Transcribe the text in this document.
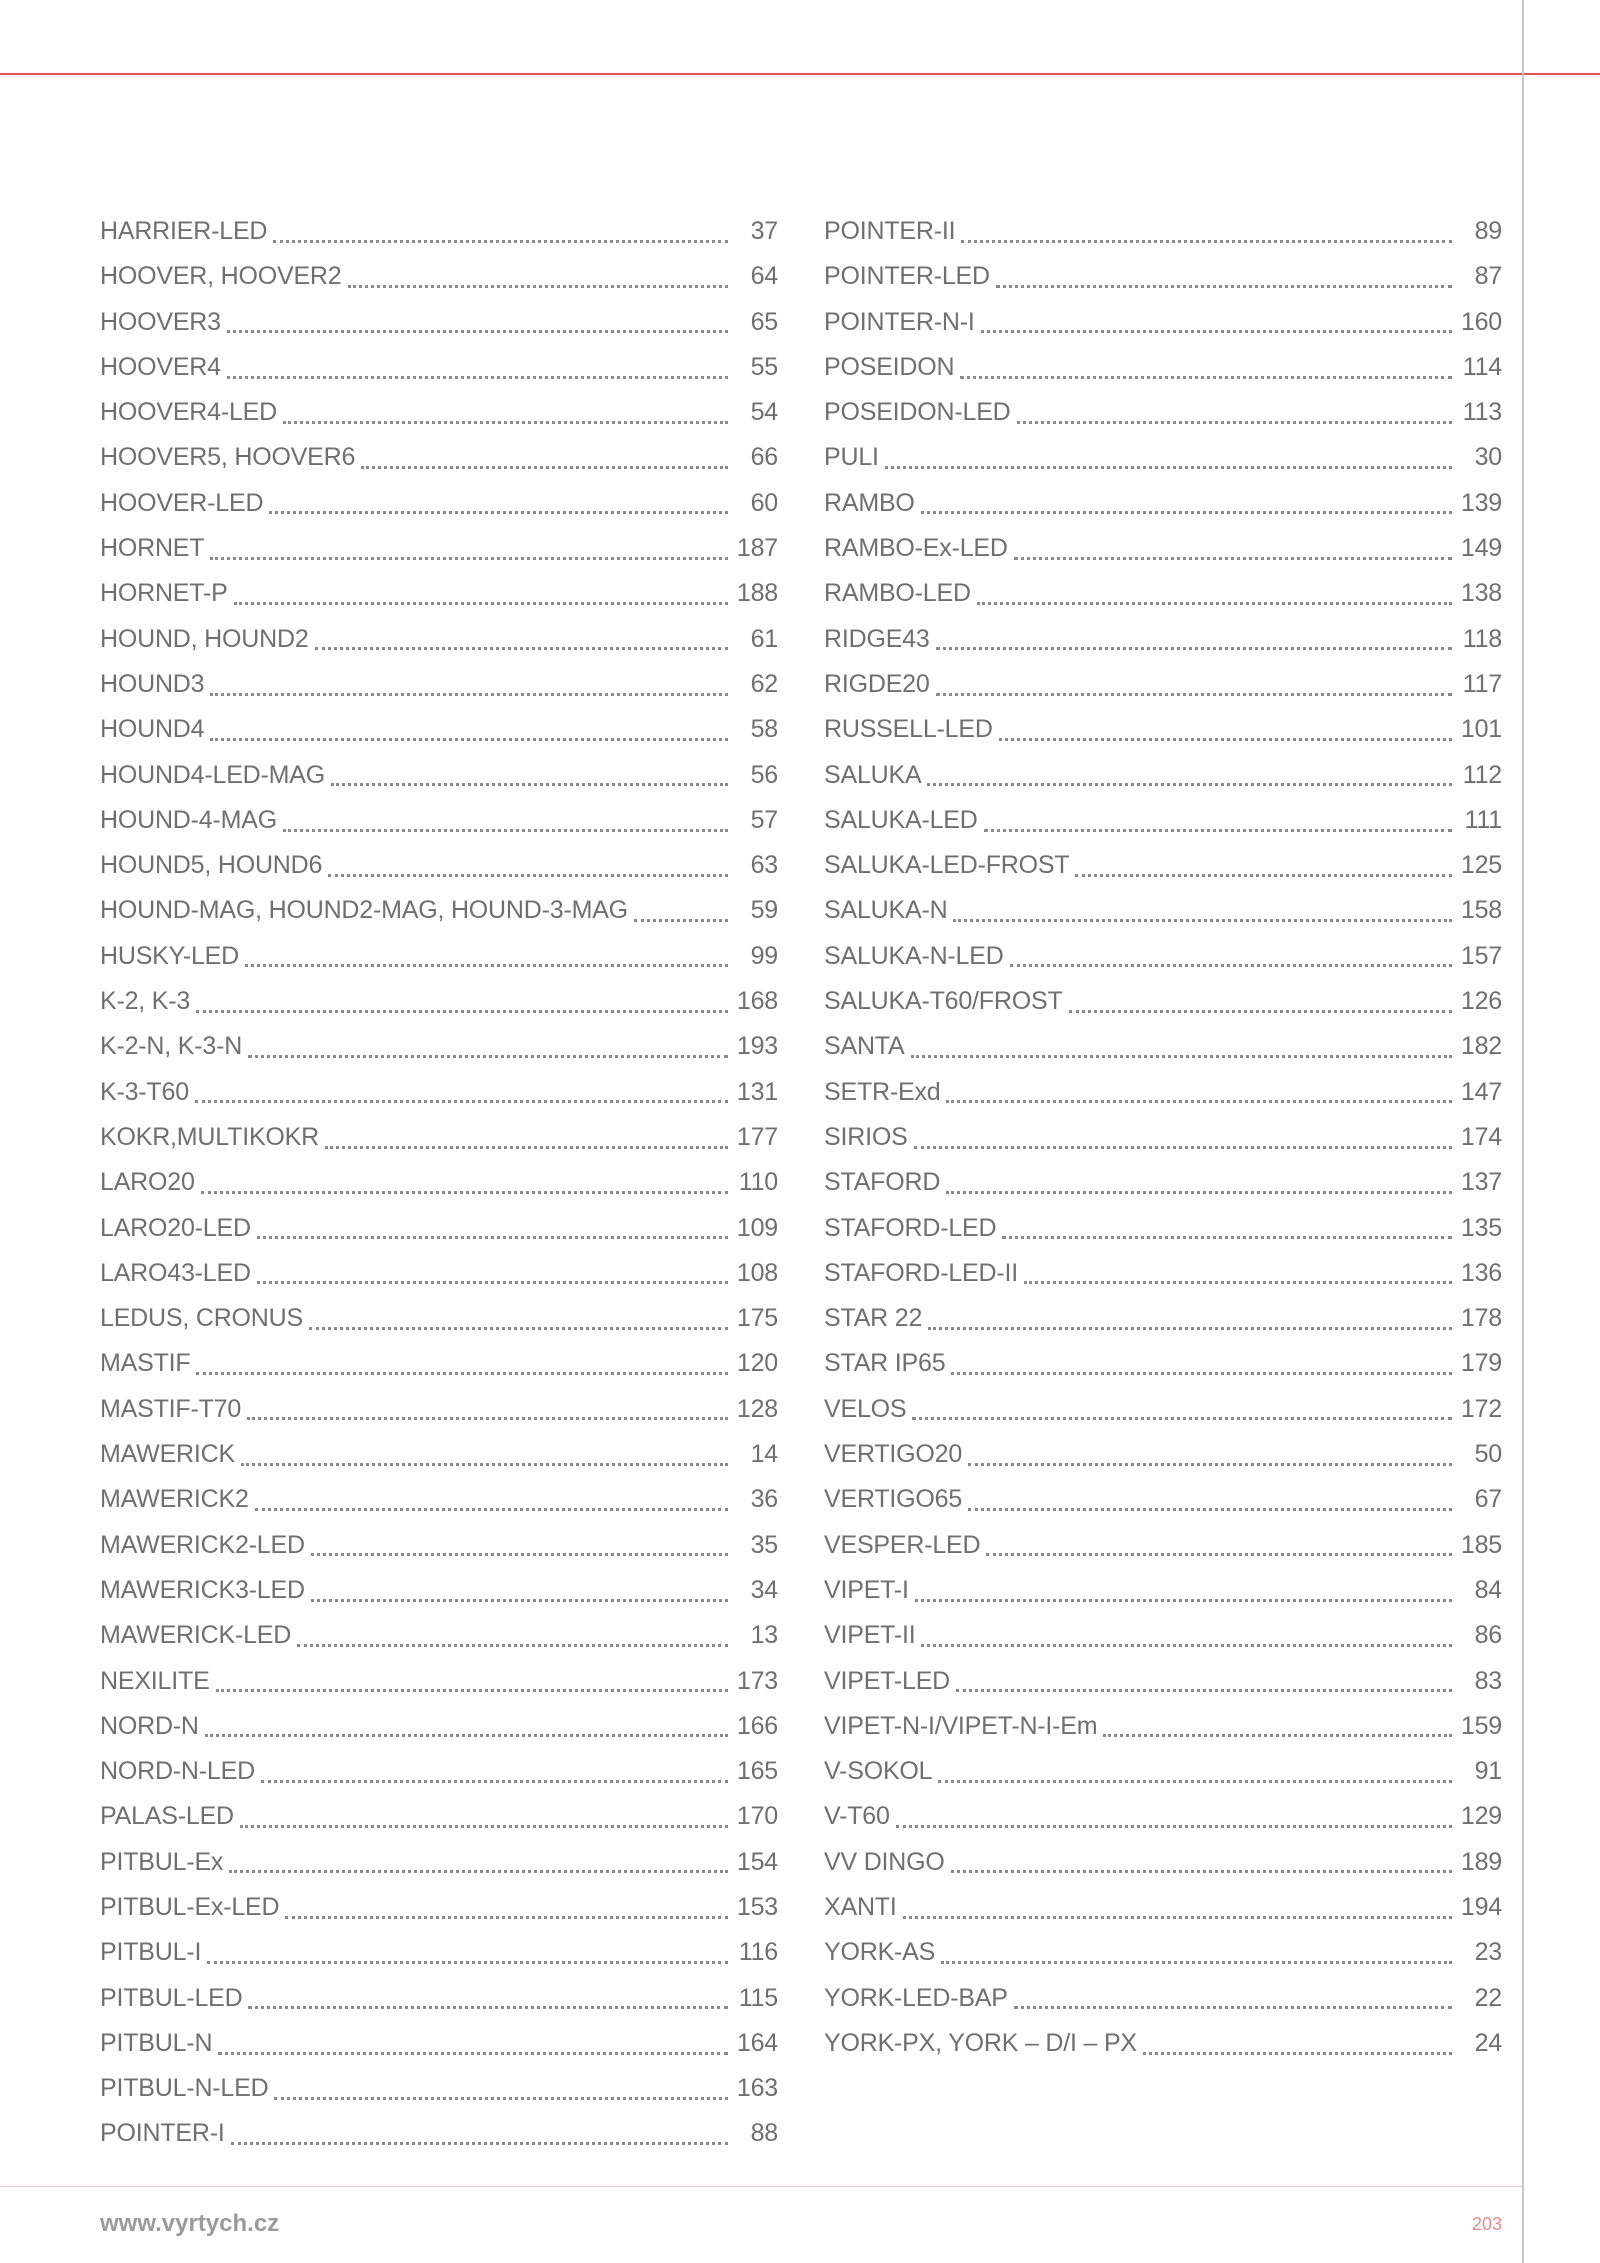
HARRIER-LED	37
HOOVER, HOOVER2	64
HOOVER3	65
HOOVER4	55
HOOVER4-LED	54
HOOVER5, HOOVER6	66
HOOVER-LED	60
HORNET	187
HORNET-P	188
HOUND, HOUND2	61
HOUND3	62
HOUND4	58
HOUND4-LED-MAG	56
HOUND-4-MAG	57
HOUND5, HOUND6	63
HOUND-MAG, HOUND2-MAG, HOUND-3-MAG	59
HUSKY-LED	99
K-2, K-3	168
K-2-N, K-3-N	193
K-3-T60	131
KOKR,MULTIKOKR	177
LARO20	110
LARO20-LED	109
LARO43-LED	108
LEDUS, CRONUS	175
MASTIF	120
MASTIF-T70	128
MAWERICK	14
MAWERICK2	36
MAWERICK2-LED	35
MAWERICK3-LED	34
MAWERICK-LED	13
NEXILITE	173
NORD-N	166
NORD-N-LED	165
PALAS-LED	170
PITBUL-Ex	154
PITBUL-Ex-LED	153
PITBUL-I	116
PITBUL-LED	115
PITBUL-N	164
PITBUL-N-LED	163
POINTER-I	88
POINTER-II	89
POINTER-LED	87
POINTER-N-I	160
POSEIDON	114
POSEIDON-LED	113
PULI	30
RAMBO	139
RAMBO-Ex-LED	149
RAMBO-LED	138
RIDGE43	118
RIGDE20	117
RUSSELL-LED	101
SALUKA	112
SALUKA-LED	111
SALUKA-LED-FROST	125
SALUKA-N	158
SALUKA-N-LED	157
SALUKA-T60/FROST	126
SANTA	182
SETR-Exd	147
SIRIOS	174
STAFORD	137
STAFORD-LED	135
STAFORD-LED-II	136
STAR 22	178
STAR IP65	179
VELOS	172
VERTIGO20	50
VERTIGO65	67
VESPER-LED	185
VIPET-I	84
VIPET-II	86
VIPET-LED	83
VIPET-N-I/VIPET-N-I-Em	159
V-SOKOL	91
V-T60	129
VV DINGO	189
XANTI	194
YORK-AS	23
YORK-LED-BAP	22
YORK-PX, YORK – D/I – PX	24
www.vyrtych.cz	203
